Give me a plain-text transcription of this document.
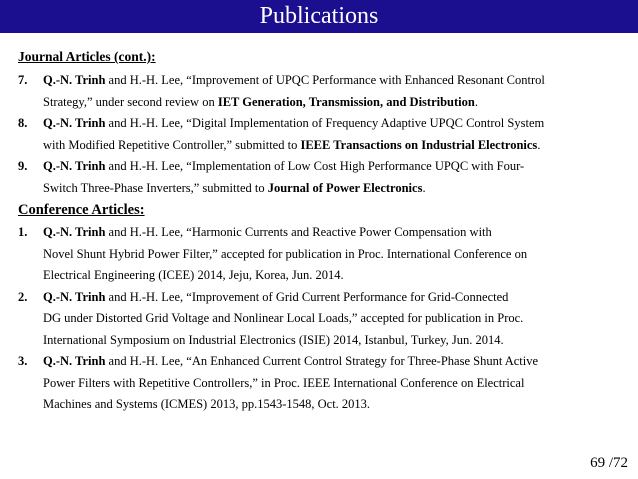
Publications
Journal Articles (cont.):
7. Q.-N. Trinh and H.-H. Lee, “Improvement of UPQC Performance with Enhanced Resonant Control
Strategy,” under second review on IET Generation, Transmission, and Distribution.
8. Q.-N. Trinh and H.-H. Lee, “Digital Implementation of Frequency Adaptive UPQC Control System
with Modified Repetitive Controller,” submitted to IEEE Transactions on Industrial Electronics.
9. Q.-N. Trinh and H.-H. Lee, “Implementation of Low Cost High Performance UPQC with Four-
Switch Three-Phase Inverters,” submitted to Journal of Power Electronics.
Conference Articles:
1. Q.-N. Trinh and H.-H. Lee, “Harmonic Currents and Reactive Power Compensation with
Novel Shunt Hybrid Power Filter,” accepted for publication in Proc. International Conference on
Electrical Engineering (ICEE) 2014, Jeju, Korea, Jun. 2014.
2. Q.-N. Trinh and H.-H. Lee, “Improvement of Grid Current Performance for Grid-Connected
DG under Distorted Grid Voltage and Nonlinear Local Loads,” accepted for publication in Proc.
International Symposium on Industrial Electronics (ISIE) 2014, Istanbul, Turkey, Jun. 2014.
3. Q.-N. Trinh and H.-H. Lee, “An Enhanced Current Control Strategy for Three-Phase Shunt Active
Power Filters with Repetitive Controllers,” in Proc. IEEE International Conference on Electrical
Machines and Systems (ICMES) 2013, pp.1543-1548, Oct. 2013.
69 /72
